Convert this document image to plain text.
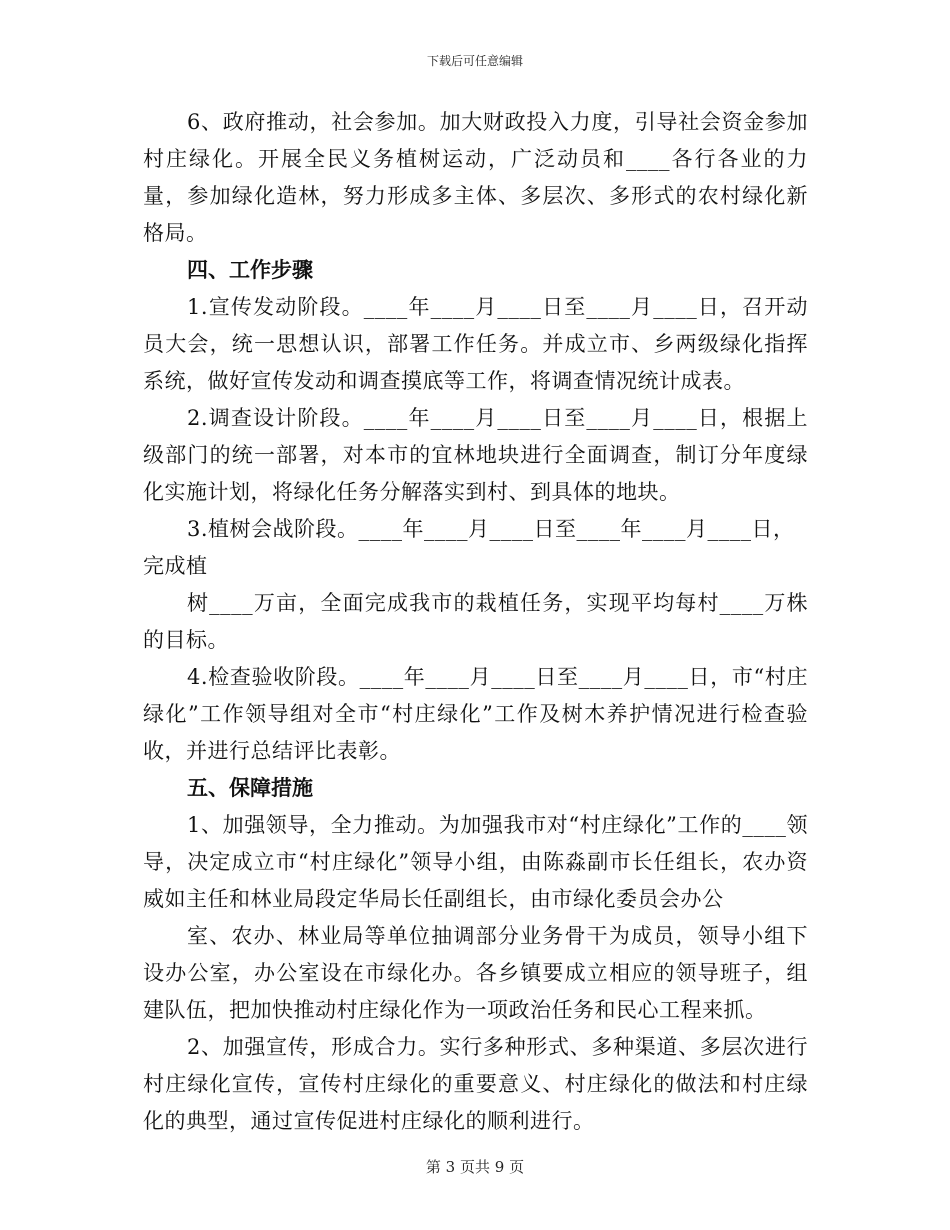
下载后可任意编辑

6、政府推动，社会参加。加大财政投入力度，引导社会资金参加村庄绿化。开展全民义务植树运动，广泛动员和____各行各业的力量，参加绿化造林，努力形成多主体、多层次、多形式的农村绿化新格局。

四、工作步骤

1.宣传发动阶段。____年____月____日至____月____日，召开动员大会，统一思想认识，部署工作任务。并成立市、乡两级绿化指挥系统，做好宣传发动和调查摸底等工作，将调查情况统计成表。

2.调查设计阶段。____年____月____日至____月____日，根据上级部门的统一部署，对本市的宜林地块进行全面调查，制订分年度绿化实施计划，将绿化任务分解落实到村、到具体的地块。

3.植树会战阶段。____年____月____日至____年____月____日，

完成植

树____万亩，全面完成我市的栽植任务，实现平均每村____万株的目标。

4.检查验收阶段。____年____月____日至____月____日，市“村庄绿化”工作领导组对全市“村庄绿化”工作及树木养护情况进行检查验收，并进行总结评比表彰。

五、保障措施

1、加强领导，全力推动。为加强我市对“村庄绿化”工作的____领导，决定成立市“村庄绿化”领导小组，由陈淼副市长任组长，农办资威如主任和林业局段定华局长任副组长，由市绿化委员会办公

室、农办、林业局等单位抽调部分业务骨干为成员，领导小组下设办公室，办公室设在市绿化办。各乡镇要成立相应的领导班子，组建队伍，把加快推动村庄绿化作为一项政治任务和民心工程来抓。

2、加强宣传，形成合力。实行多种形式、多种渠道、多层次进行村庄绿化宣传，宣传村庄绿化的重要意义、村庄绿化的做法和村庄绿化的典型，通过宣传促进村庄绿化的顺利进行。

第 3 页共 9 页
